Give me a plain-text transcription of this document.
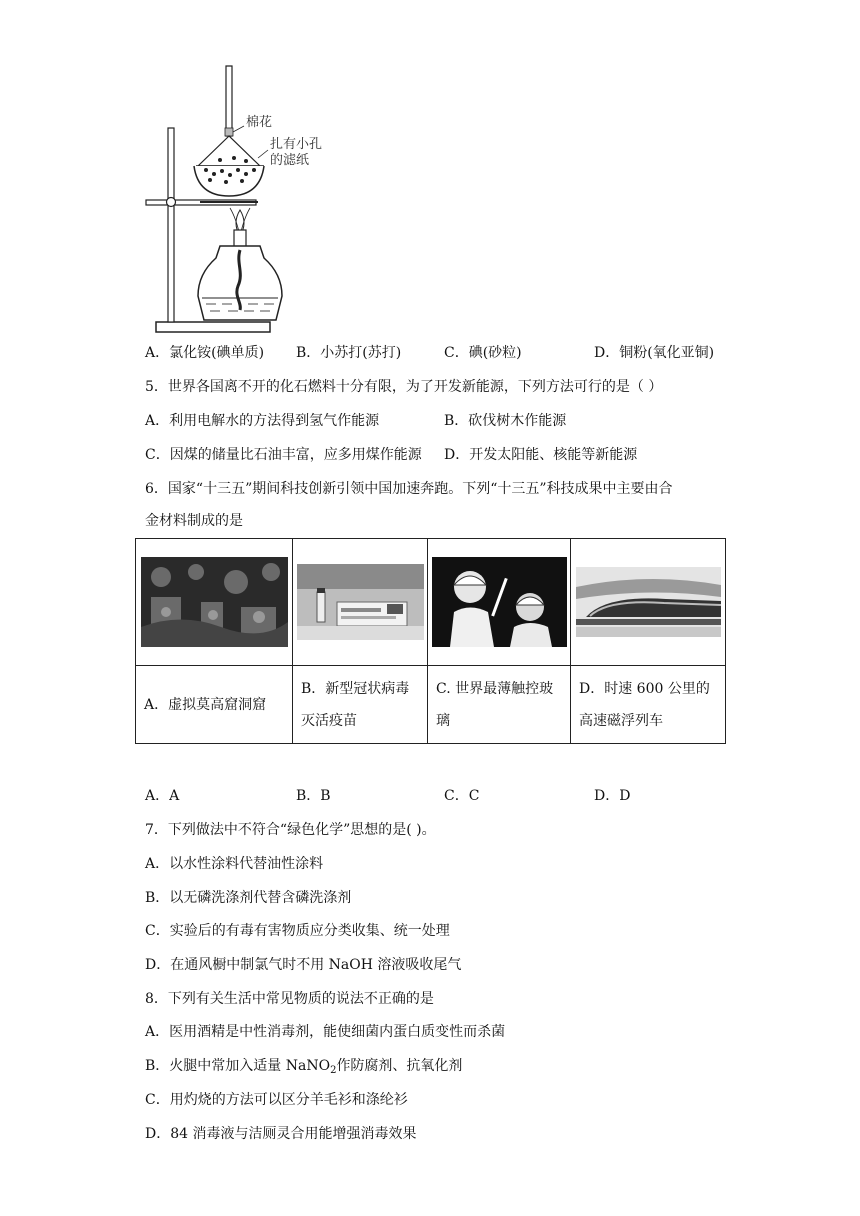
棉花
扎有小孔
的滤纸
A．氯化铵(碘单质) B．小苏打(苏打)	C．碘(砂粒)	D．铜粉(氧化亚铜)
5．世界各国离不开的化石燃料十分有限，为了开发新能源，下列方法可行的是（ ）
A．利用电解水的方法得到氢气作能源	B．砍伐树木作能源
C．因煤的储量比石油丰富，应多用煤作能源 D．开发太阳能、核能等新能源
6．国家“十三五”期间科技创新引领中国加速奔跑。下列“十三五”科技成果中主要由合
金材料制成的是

A．虚拟莫高窟洞窟	B．新型冠状病毒灭活疫苗	C. 世界最薄触控玻璃	D．时速 600 公里的高速磁浮列车
A．A	B．B	C．C	D．D
7．下列做法中不符合“绿色化学”思想的是( )。
A．以水性涂料代替油性涂料
B．以无磷洗涤剂代替含磷洗涤剂
C．实验后的有毒有害物质应分类收集、统一处理
D．在通风橱中制氯气时不用 NaOH 溶液吸收尾气
8．下列有关生活中常见物质的说法不正确的是
A．医用酒精是中性消毒剂，能使细菌内蛋白质变性而杀菌
B．火腿中常加入适量 NaNO$_2$作防腐剂、抗氧化剂
C．用灼烧的方法可以区分羊毛衫和涤纶衫
D．84 消毒液与洁厕灵合用能增强消毒效果
